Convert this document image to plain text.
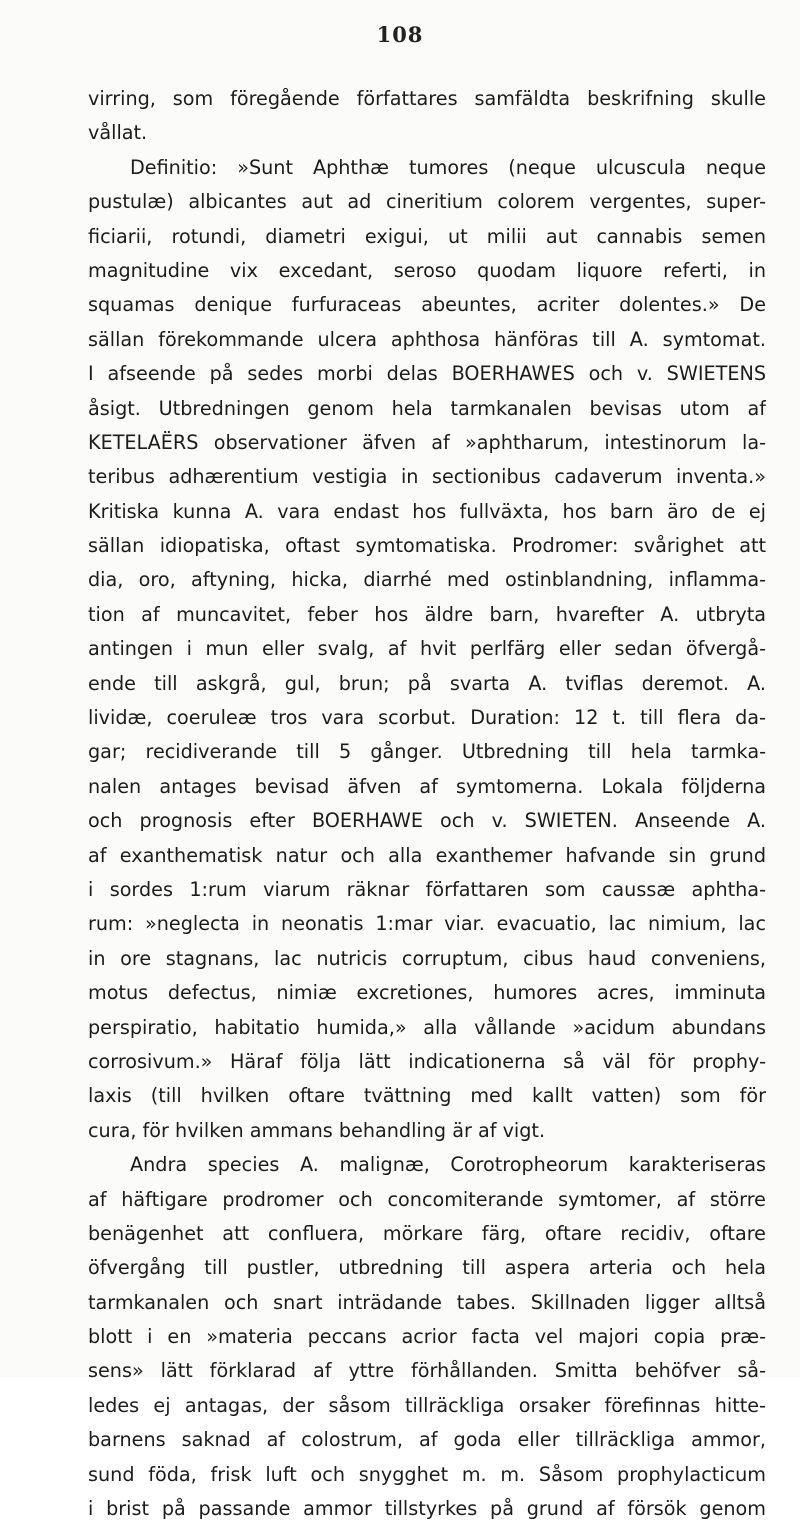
108
virring, som föregående författares samfäldta beskrifning skulle
vållat.
Definitio: »Sunt Aphthæ tumores (neque ulcuscula neque
pustulæ) albicantes aut ad cineritium colorem vergentes, super-
ficiarii, rotundi, diametri exigui, ut milii aut cannabis semen
magnitudine vix excedant, seroso quodam liquore referti, in
squamas denique furfuraceas abeuntes, acriter dolentes.» De
sällan förekommande ulcera aphthosa hänföras till A. symtomat.
I afseende på sedes morbi delas BOERHAWES och v. SWIETENS
åsigt. Utbredningen genom hela tarmkanalen bevisas utom af
KETELAËRS observationer äfven af »aphtharum, intestinorum la-
teribus adhærentium vestigia in sectionibus cadaverum inventa.»
Kritiska kunna A. vara endast hos fullväxta, hos barn äro de ej
sällan idiopatiska, oftast symtomatiska. Prodromer: svårighet att
dia, oro, aftyning, hicka, diarrhé med ostinblandning, inflamma-
tion af muncavitet, feber hos äldre barn, hvarefter A. utbryta
antingen i mun eller svalg, af hvit perlfärg eller sedan öfvergå-
ende till askgrå, gul, brun; på svarta A. tviflas deremot. A.
lividæ, coeruleæ tros vara scorbut. Duration: 12 t. till flera da-
gar; recidiverande till 5 gånger. Utbredning till hela tarmka-
nalen antages bevisad äfven af symtomerna. Lokala följderna
och prognosis efter BOERHAWE och v. SWIETEN. Anseende A.
af exanthematisk natur och alla exanthemer hafvande sin grund
i sordes 1:rum viarum räknar författaren som caussæ aphtha-
rum: »neglecta in neonatis 1:mar viar. evacuatio, lac nimium, lac
in ore stagnans, lac nutricis corruptum, cibus haud conveniens,
motus defectus, nimiæ excretiones, humores acres, imminuta
perspiratio, habitatio humida,» alla vållande »acidum abundans
corrosivum.» Häraf följa lätt indicationerna så väl för prophy-
laxis (till hvilken oftare tvättning med kallt vatten) som för
cura, för hvilken ammans behandling är af vigt.
Andra species A. malignæ, Corotropheorum karakteriseras
af häftigare prodromer och concomiterande symtomer, af större
benägenhet att confluera, mörkare färg, oftare recidiv, oftare
öfvergång till pustler, utbredning till aspera arteria och hela
tarmkanalen och snart inträdande tabes. Skillnaden ligger alltså
blott i en »materia peccans acrior facta vel majori copia præ-
sens» lätt förklarad af yttre förhållanden. Smitta behöfver så-
ledes ej antagas, der såsom tillräckliga orsaker förefinnas hitte-
barnens saknad af colostrum, af goda eller tillräckliga ammor,
sund föda, frisk luft och snygghet m. m. Såsom prophylacticum
i brist på passande ammor tillstyrkes på grund af försök genom
